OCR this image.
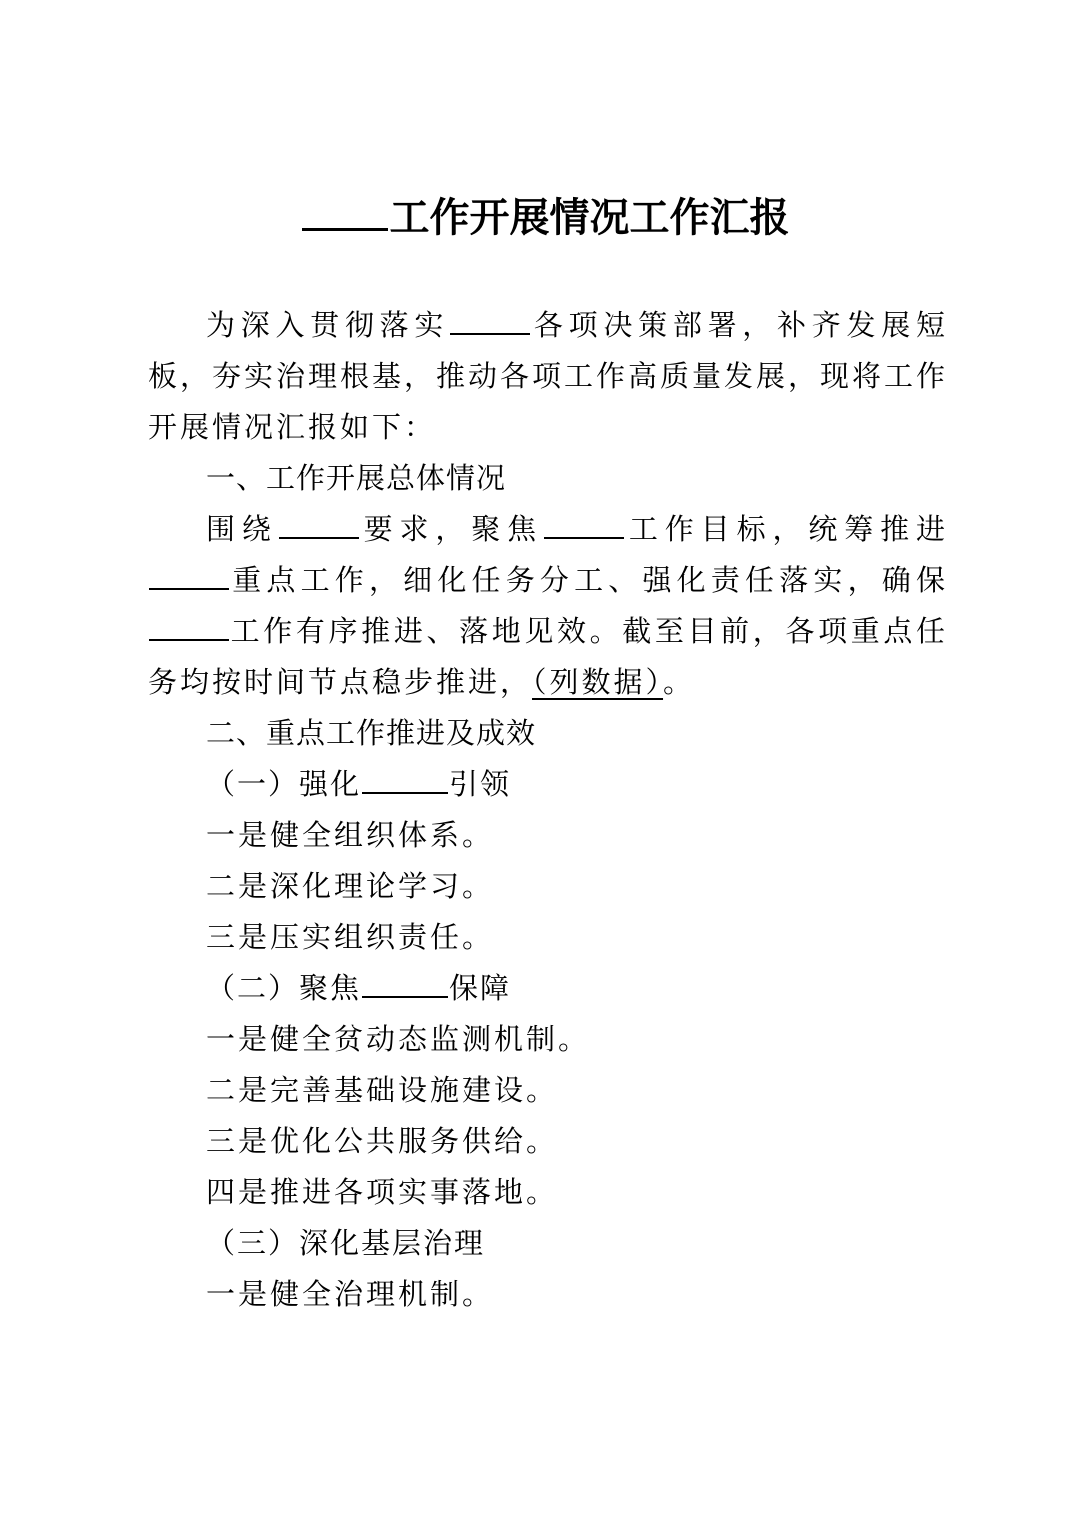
工作开展情况工作汇报

为深入贯彻落实	各项决策部署，补齐发展短板，夯实治理根基，推动各项工作高质量发展，现将工作开展情况汇报如下：

一、工作开展总体情况

围绕	要求，聚焦	工作目标，统筹推进重点工作，细化任务分工、强化责任落实，确保工作有序推进、落地见效。截至目前，各项重点任务均按时间节点稳步推进，（列数据）。

二、重点工作推进及成效

（一）强化	引领

一是健全组织体系。

二是深化理论学习。

三是压实组织责任。

（二）聚焦	保障

一是健全贫动态监测机制。

二是完善基础设施建设。

三是优化公共服务供给。

四是推进各项实事落地。

（三）深化基层治理

一是健全治理机制。
